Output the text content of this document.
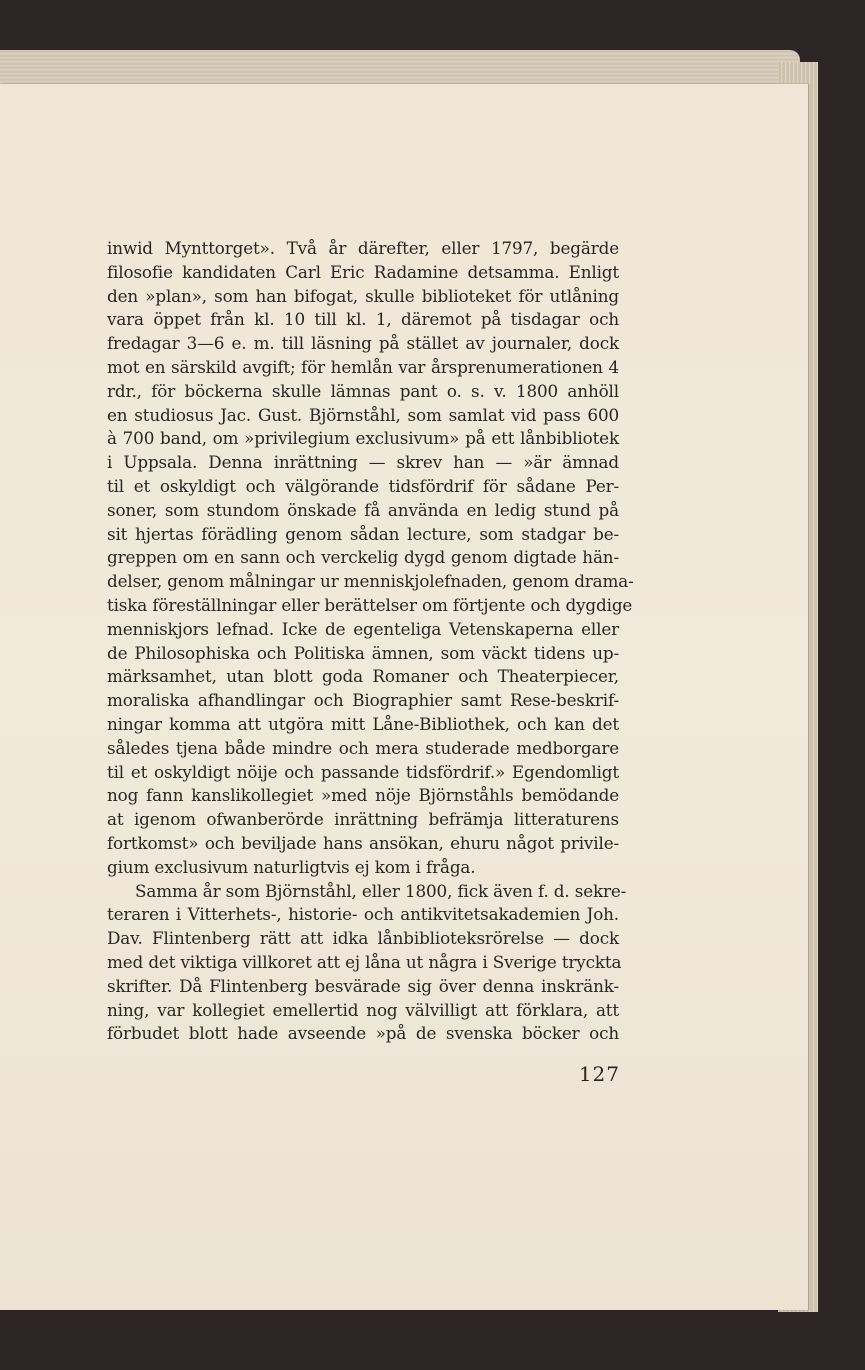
inwid Mynttorget». Två år därefter, eller 1797, begärde
filosofie kandidaten Carl Eric Radamine detsamma. Enligt
den »plan», som han bifogat, skulle biblioteket för utlåning
vara öppet från kl. 10 till kl. 1, däremot på tisdagar och
fredagar 3—6 e. m. till läsning på stället av journaler, dock
mot en särskild avgift; för hemlån var årsprenumerationen 4
rdr., för böckerna skulle lämnas pant o. s. v. 1800 anhöll
en studiosus Jac. Gust. Björnståhl, som samlat vid pass 600
à 700 band, om »privilegium exclusivum» på ett lånbibliotek
i Uppsala. Denna inrättning — skrev han — »är ämnad
til et oskyldigt och välgörande tidsfördrif för sådane Per-
soner, som stundom önskade få använda en ledig stund på
sit hjertas förädling genom sådan lecture, som stadgar be-
greppen om en sann och verckelig dygd genom digtade hän-
delser, genom målningar ur menniskjolefnaden, genom drama-
tiska föreställningar eller berättelser om förtjente och dygdige
menniskjors lefnad. Icke de egenteliga Vetenskaperna eller
de Philosophiska och Politiska ämnen, som väckt tidens up-
märksamhet, utan blott goda Romaner och Theaterpiecer,
moraliska afhandlingar och Biographier samt Rese-beskrif-
ningar komma att utgöra mitt Låne-Bibliothek, och kan det
således tjena både mindre och mera studerade medborgare
til et oskyldigt nöije och passande tidsfördrif.» Egendomligt
nog fann kanslikollegiet »med nöje Björnståhls bemödande
at igenom ofwanberörde inrättning befrämja litteraturens
fortkomst» och beviljade hans ansökan, ehuru något privile-
gium exclusivum naturligtvis ej kom i fråga.
Samma år som Björnståhl, eller 1800, fick även f. d. sekre-
teraren i Vitterhets-, historie- och antikvitetsakademien Joh.
Dav. Flintenberg rätt att idka lånbiblioteksrörelse — dock
med det viktiga villkoret att ej låna ut några i Sverige tryckta
skrifter. Då Flintenberg besvärade sig över denna inskränk-
ning, var kollegiet emellertid nog välvilligt att förklara, att
förbudet blott hade avseende »på de svenska böcker och
127
